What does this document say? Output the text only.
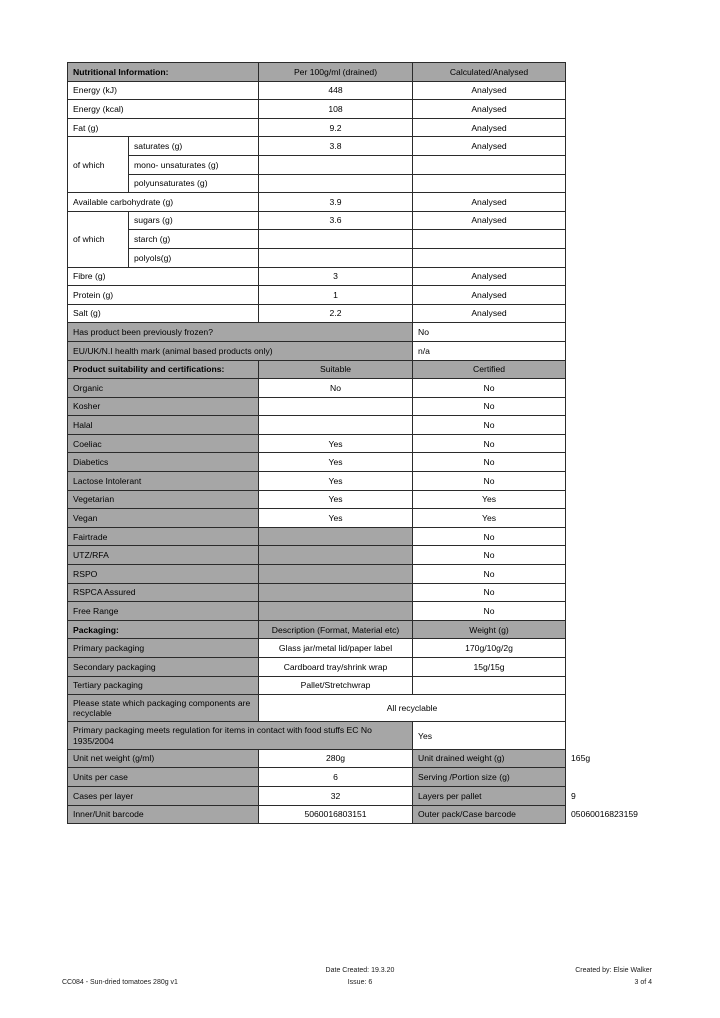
Nutritional Information:		Per 100g/ml (drained)	Calculated/Analysed	
Energy (kJ)		448	Analysed	
Energy (kcal)		108	Analysed	
Fat (g)		9.2	Analysed	
of which	saturates (g)	3.8	Analysed	
	mono- unsaturates (g)			
	polyunsaturates (g)			
Available carbohydrate (g)		3.9	Analysed	
of which	sugars (g)	3.6	Analysed	
	starch (g)			
	polyols(g)			
Fibre (g)		3	Analysed	
Protein (g)		1	Analysed	
Salt (g)		2.2	Analysed	
Has product been previously frozen?			No	
EU/UK/N.I health mark (animal based products only)			n/a	
Product suitability and certifications:		Suitable	Certified	
Organic		No	No	
Kosher			No	
Halal			No	
Coeliac		Yes	No	
Diabetics		Yes	No	
Lactose Intolerant		Yes	No	
Vegetarian		Yes	Yes	
Vegan		Yes	Yes	
Fairtrade			No	
UTZ/RFA			No	
RSPO			No	
RSPCA Assured			No	
Free Range			No	
Packaging:		Description (Format, Material etc)	Weight (g)	
Primary packaging		Glass jar/metal lid/paper label	170g/10g/2g	
Secondary packaging		Cardboard tray/shrink wrap	15g/15g	
Tertiary packaging		Pallet/Stretchwrap		
Please state which packaging components are recyclable		All recyclable		
Primary packaging meets regulation for items in contact with food stuffs EC No 1935/2004			Yes	
Unit net weight (g/ml)		280g	Unit drained weight (g)	165g
Units per case		6	Serving /Portion size (g)	
Cases per layer		32	Layers per pallet	9
Inner/Unit barcode		5060016803151	Outer pack/Case barcode	05060016823159
CC084 - Sun-dried tomatoes 280g v1
Date Created: 19.3.20
Issue: 6
Created by: Elsie Walker
3 of 4
